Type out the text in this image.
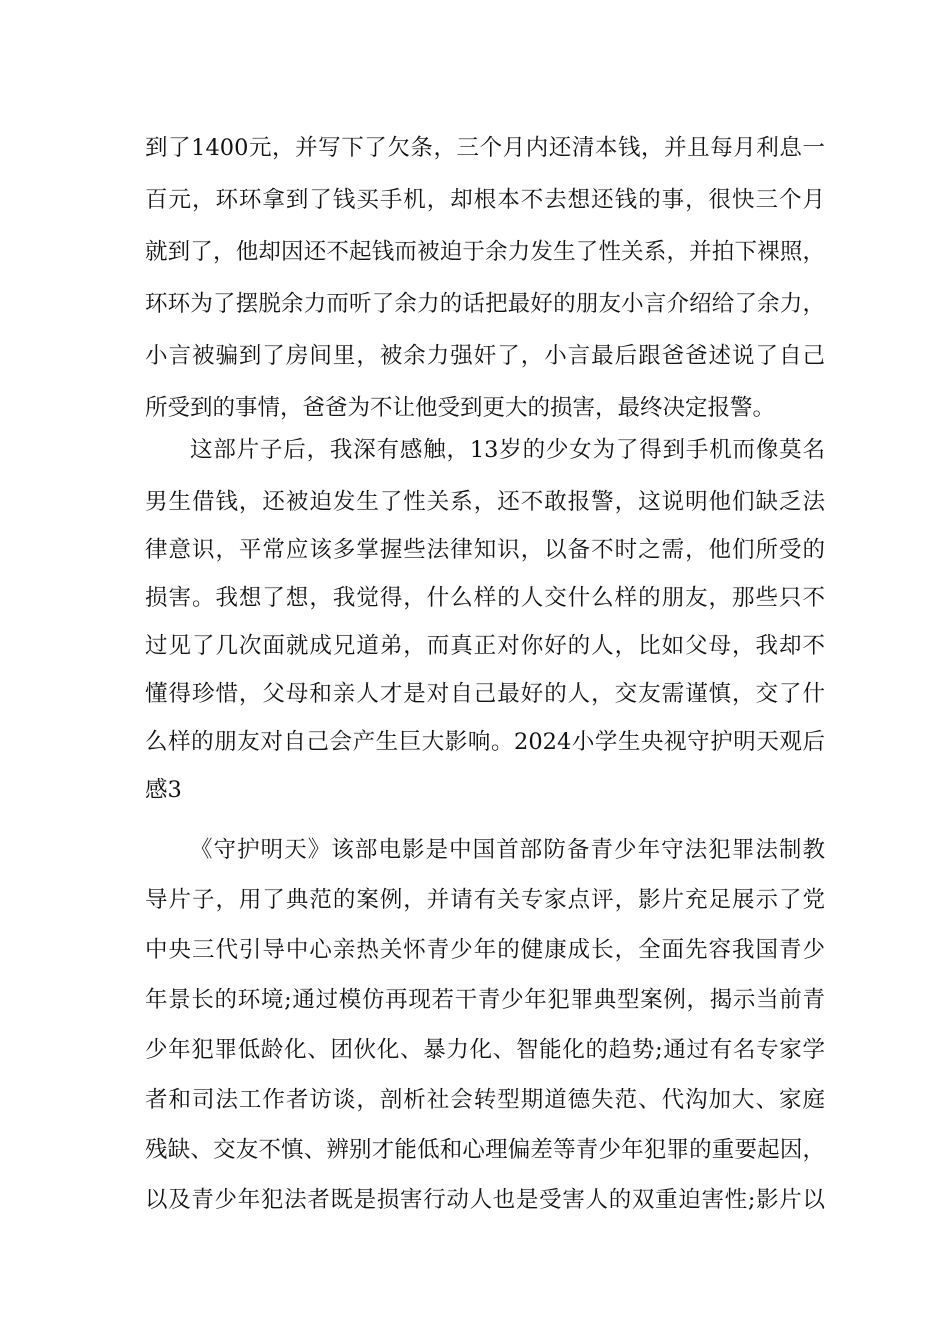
到了1400元，并写下了欠条，三个月内还清本钱，并且每月利息一
百元，环环拿到了钱买手机，却根本不去想还钱的事，很快三个月
就到了，他却因还不起钱而被迫于余力发生了性关系，并拍下裸照，
环环为了摆脱余力而听了余力的话把最好的朋友小言介绍给了余力，
小言被骗到了房间里，被余力强奸了，小言最后跟爸爸述说了自己
所受到的事情，爸爸为不让他受到更大的损害，最终决定报警。
这部片子后，我深有感触，13岁的少女为了得到手机而像莫名
男生借钱，还被迫发生了性关系，还不敢报警，这说明他们缺乏法
律意识，平常应该多掌握些法律知识，以备不时之需，他们所受的
损害。我想了想，我觉得，什么样的人交什么样的朋友，那些只不
过见了几次面就成兄道弟，而真正对你好的人，比如父母，我却不
懂得珍惜，父母和亲人才是对自己最好的人，交友需谨慎，交了什
么样的朋友对自己会产生巨大影响。2024小学生央视守护明天观后
感3
《守护明天》该部电影是中国首部防备青少年守法犯罪法制教
导片子，用了典范的案例，并请有关专家点评，影片充足展示了党
中央三代引导中心亲热关怀青少年的健康成长，全面先容我国青少
年景长的环境;通过模仿再现若干青少年犯罪典型案例，揭示当前青
少年犯罪低龄化、团伙化、暴力化、智能化的趋势;通过有名专家学
者和司法工作者访谈，剖析社会转型期道德失范、代沟加大、家庭
残缺、交友不慎、辨别才能低和心理偏差等青少年犯罪的重要起因，
以及青少年犯法者既是损害行动人也是受害人的双重迫害性;影片以
